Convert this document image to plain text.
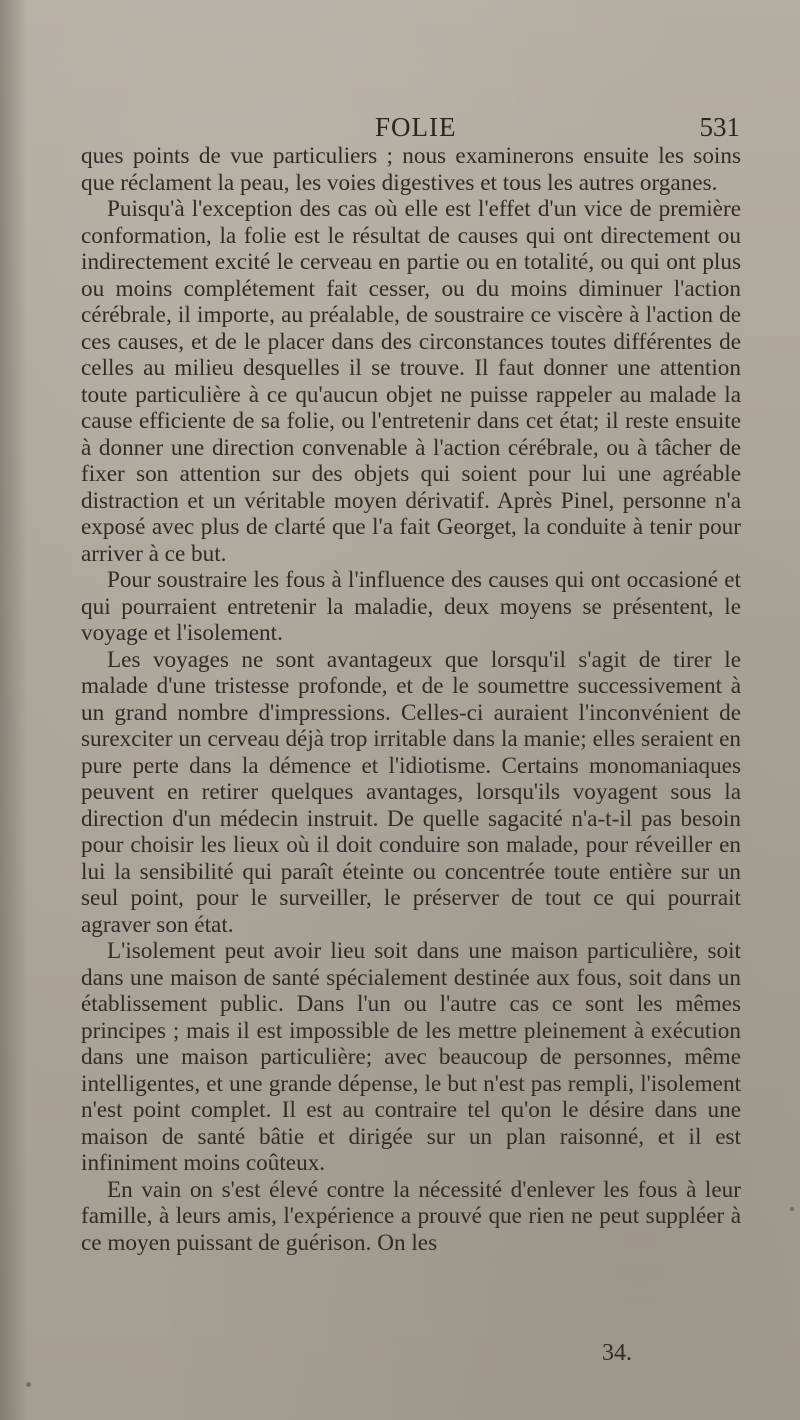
FOLIE	531

ques points de vue particuliers ; nous examinerons ensuite les soins que réclament la peau, les voies digestives et tous les autres organes.

Puisqu'à l'exception des cas où elle est l'effet d'un vice de première conformation, la folie est le résultat de causes qui ont directement ou indirectement excité le cerveau en partie ou en totalité, ou qui ont plus ou moins complétement fait cesser, ou du moins diminuer l'action cérébrale, il importe, au préalable, de soustraire ce viscère à l'action de ces causes, et de le placer dans des circonstances toutes différentes de celles au milieu desquelles il se trouve. Il faut donner une attention toute particulière à ce qu'aucun objet ne puisse rappeler au malade la cause efficiente de sa folie, ou l'entretenir dans cet état; il reste ensuite à donner une direction convenable à l'action cérébrale, ou à tâcher de fixer son attention sur des objets qui soient pour lui une agréable distraction et un véritable moyen dérivatif. Après Pinel, personne n'a exposé avec plus de clarté que l'a fait Georget, la conduite à tenir pour arriver à ce but.

Pour soustraire les fous à l'influence des causes qui ont occasioné et qui pourraient entretenir la maladie, deux moyens se présentent, le voyage et l'isolement.

Les voyages ne sont avantageux que lorsqu'il s'agit de tirer le malade d'une tristesse profonde, et de le soumettre successivement à un grand nombre d'impressions. Celles-ci auraient l'inconvénient de surexciter un cerveau déjà trop irritable dans la manie; elles seraient en pure perte dans la démence et l'idiotisme. Certains monomaniaques peuvent en retirer quelques avantages, lorsqu'ils voyagent sous la direction d'un médecin instruit. De quelle sagacité n'a-t-il pas besoin pour choisir les lieux où il doit conduire son malade, pour réveiller en lui la sensibilité qui paraît éteinte ou concentrée toute entière sur un seul point, pour le surveiller, le préserver de tout ce qui pourrait agraver son état.

L'isolement peut avoir lieu soit dans une maison particulière, soit dans une maison de santé spécialement destinée aux fous, soit dans un établissement public. Dans l'un ou l'autre cas ce sont les mêmes principes ; mais il est impossible de les mettre pleinement à exécution dans une maison particulière; avec beaucoup de personnes, même intelligentes, et une grande dépense, le but n'est pas rempli, l'isolement n'est point complet. Il est au contraire tel qu'on le désire dans une maison de santé bâtie et dirigée sur un plan raisonné, et il est infiniment moins coûteux.

En vain on s'est élevé contre la nécessité d'enlever les fous à leur famille, à leurs amis, l'expérience a prouvé que rien ne peut suppléer à ce moyen puissant de guérison. On les

34.
